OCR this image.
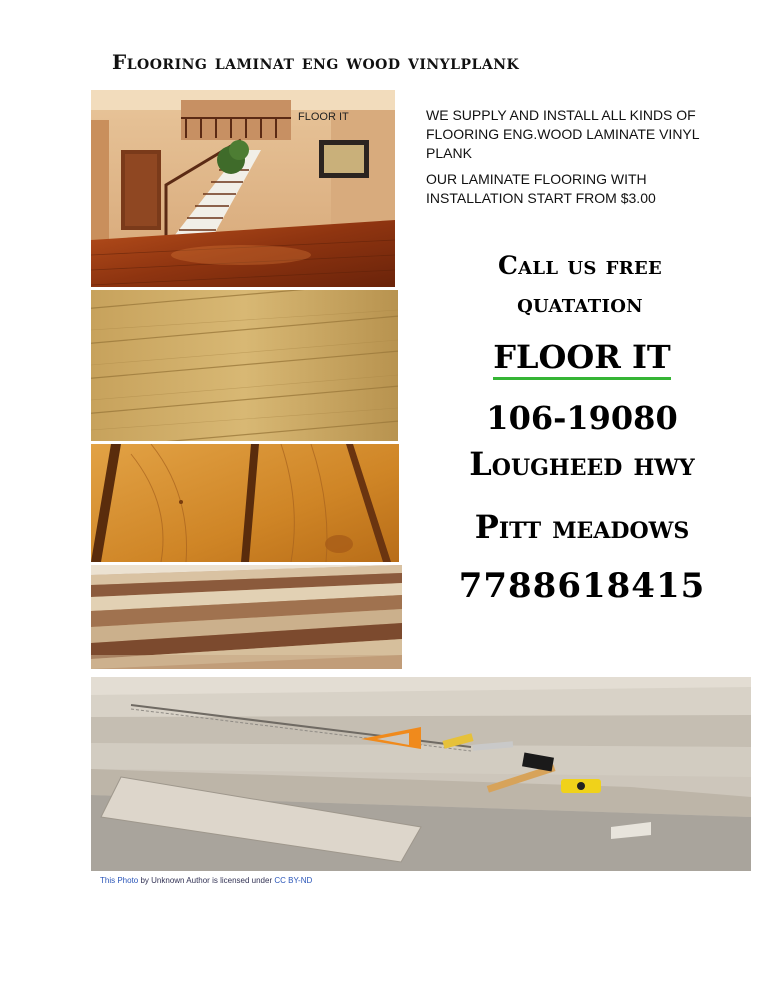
Flooring laminat eng wood vinylplank
FLOOR IT	WE SUPPLY AND INSTALL ALL KINDS OF FLOORING ENG.WOOD LAMINATE VINYL PLANK

OUR LAMINATE FLOORING WITH INSTALLATION START FROM $3.00

Call us free quatation
FLOOR IT
106-19080
Lougheed hwy
Pitt meadows
7788618415
This Photo by Unknown Author is licensed under CC BY-ND
